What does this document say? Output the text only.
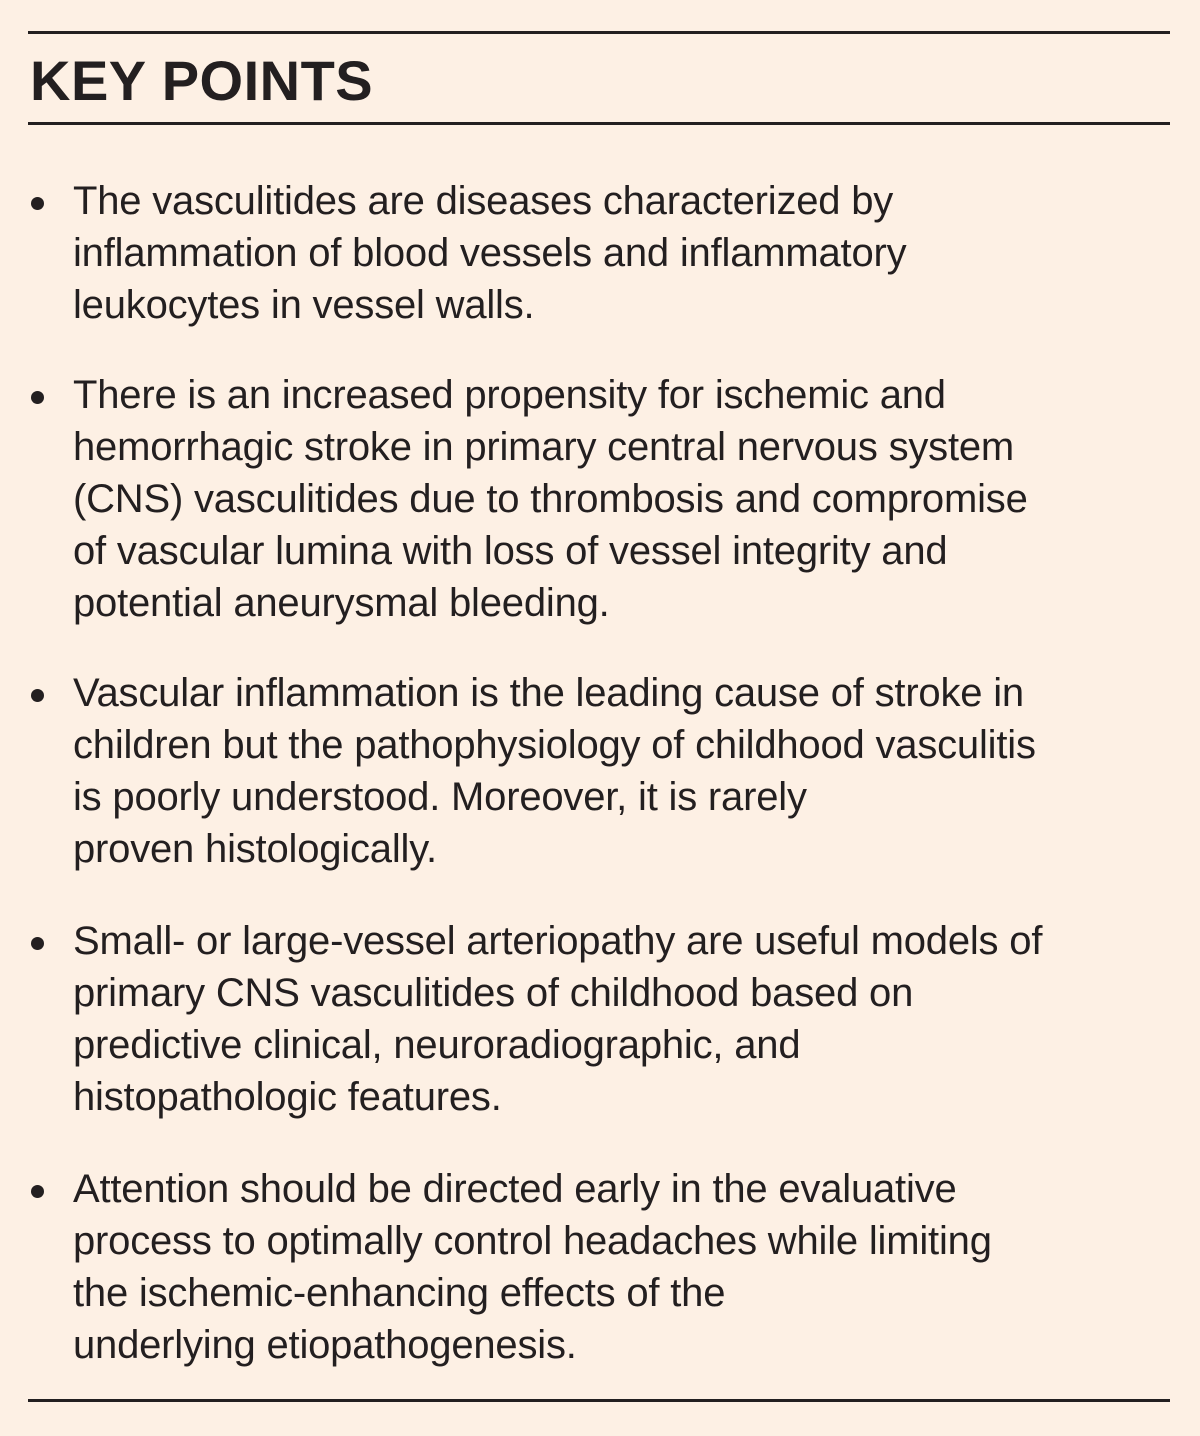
KEY POINTS
The vasculitides are diseases characterized by
inflammation of blood vessels and inflammatory
leukocytes in vessel walls.
There is an increased propensity for ischemic and
hemorrhagic stroke in primary central nervous system
(CNS) vasculitides due to thrombosis and compromise
of vascular lumina with loss of vessel integrity and
potential aneurysmal bleeding.
Vascular inflammation is the leading cause of stroke in
children but the pathophysiology of childhood vasculitis
is poorly understood. Moreover, it is rarely
proven histologically.
Small- or large-vessel arteriopathy are useful models of
primary CNS vasculitides of childhood based on
predictive clinical, neuroradiographic, and
histopathologic features.
Attention should be directed early in the evaluative
process to optimally control headaches while limiting
the ischemic-enhancing effects of the
underlying etiopathogenesis.
